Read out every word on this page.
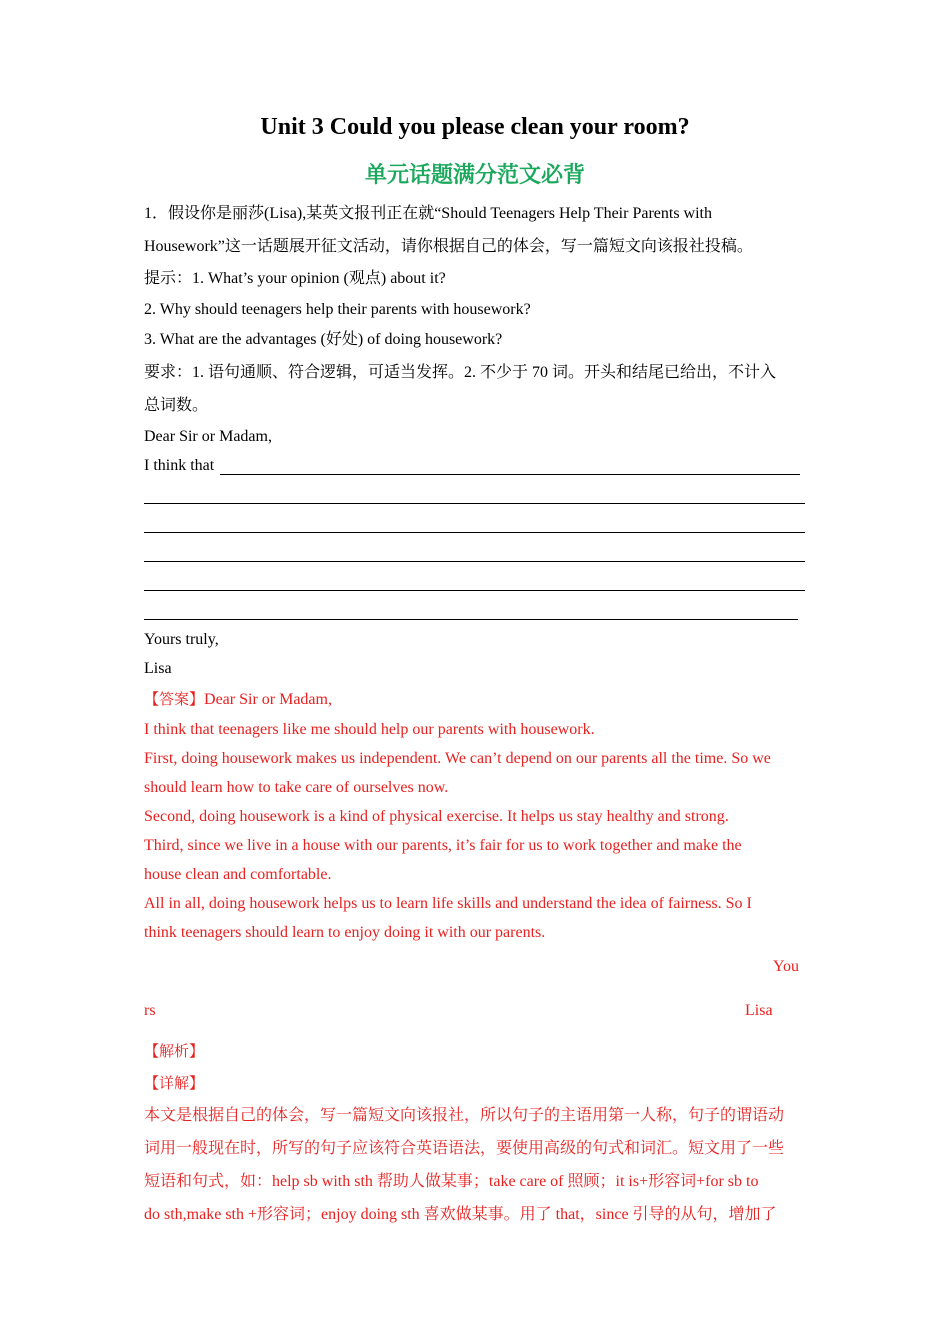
Unit 3 Could you please clean your room?
单元话题满分范文必背
1．假设你是丽莎(Lisa),某英文报刊正在就“Should Teenagers Help Their Parents with
Housework”这一话题展开征文活动，请你根据自己的体会，写一篇短文向该报社投稿。
提示：1. What’s your opinion (观点) about it?
2. Why should teenagers help their parents with housework?
3. What are the advantages (好处) of doing housework?
要求：1. 语句通顺、符合逻辑，可适当发挥。2. 不少于 70 词。开头和结尾已给出，不计入
总词数。
Dear Sir or Madam,
I think that
Yours truly,
Lisa
【答案】Dear Sir or Madam,
I think that teenagers like me should help our parents with housework.
First, doing housework makes us independent. We can’t depend on our parents all the time. So we
should learn how to take care of ourselves now.
Second, doing housework is a kind of physical exercise. It helps us stay healthy and strong.
Third, since we live in a house with our parents, it’s fair for us to work together and make the
house clean and comfortable.
All in all, doing housework helps us to learn life skills and understand the idea of fairness. So I
think teenagers should learn to enjoy doing it with our parents.
You
rs	Lisa
【解析】
【详解】
本文是根据自己的体会，写一篇短文向该报社，所以句子的主语用第一人称，句子的谓语动
词用一般现在时，所写的句子应该符合英语语法，要使用高级的句式和词汇。短文用了一些
短语和句式，如：help sb with sth 帮助人做某事；take care of 照顾；it is+形容词+for sb to
do sth,make sth +形容词；enjoy doing sth 喜欢做某事。用了 that，since 引导的从句，增加了
